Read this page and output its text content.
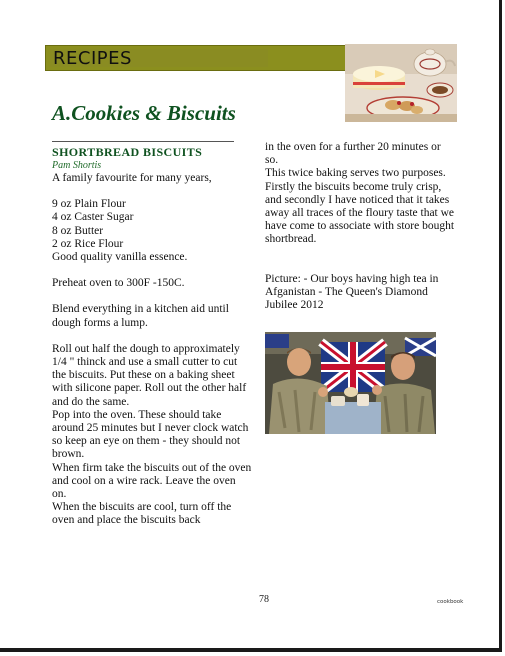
RECIPES
A.Cookies & Biscuits

SHORTBREAD BISCUITS

Pam Shortis

A family favourite for many years,

9 oz Plain Flour

4 oz Caster Sugar

8 oz Butter

2 oz Rice Flour

Good quality vanilla essence.

Preheat oven to 300F -150C.

Blend everything in a kitchen aid until dough forms a lump.

Roll out half the dough to approximately 1/4 " thinck and use a small cutter to cut the biscuits. Put these on a baking sheet with silicone paper. Roll out the other half and do the same.

Pop into the oven. These should take around 25 minutes but I never clock watch so keep an eye on them - they should not brown.

When firm take the biscuits out of the oven and cool on a wire rack. Leave the oven on.

When the biscuits are cool, turn off the oven and place the biscuits back

in the oven for a further 20 minutes or so.

This twice baking serves two purposes. Firstly the biscuits become truly crisp, and secondly I have noticed that it takes away all traces of the floury taste that we have come to associate with store bought shortbread.

Picture: - Our boys having high tea in Afganistan - The Queen's Diamond Jubilee 2012

78	cookbook
